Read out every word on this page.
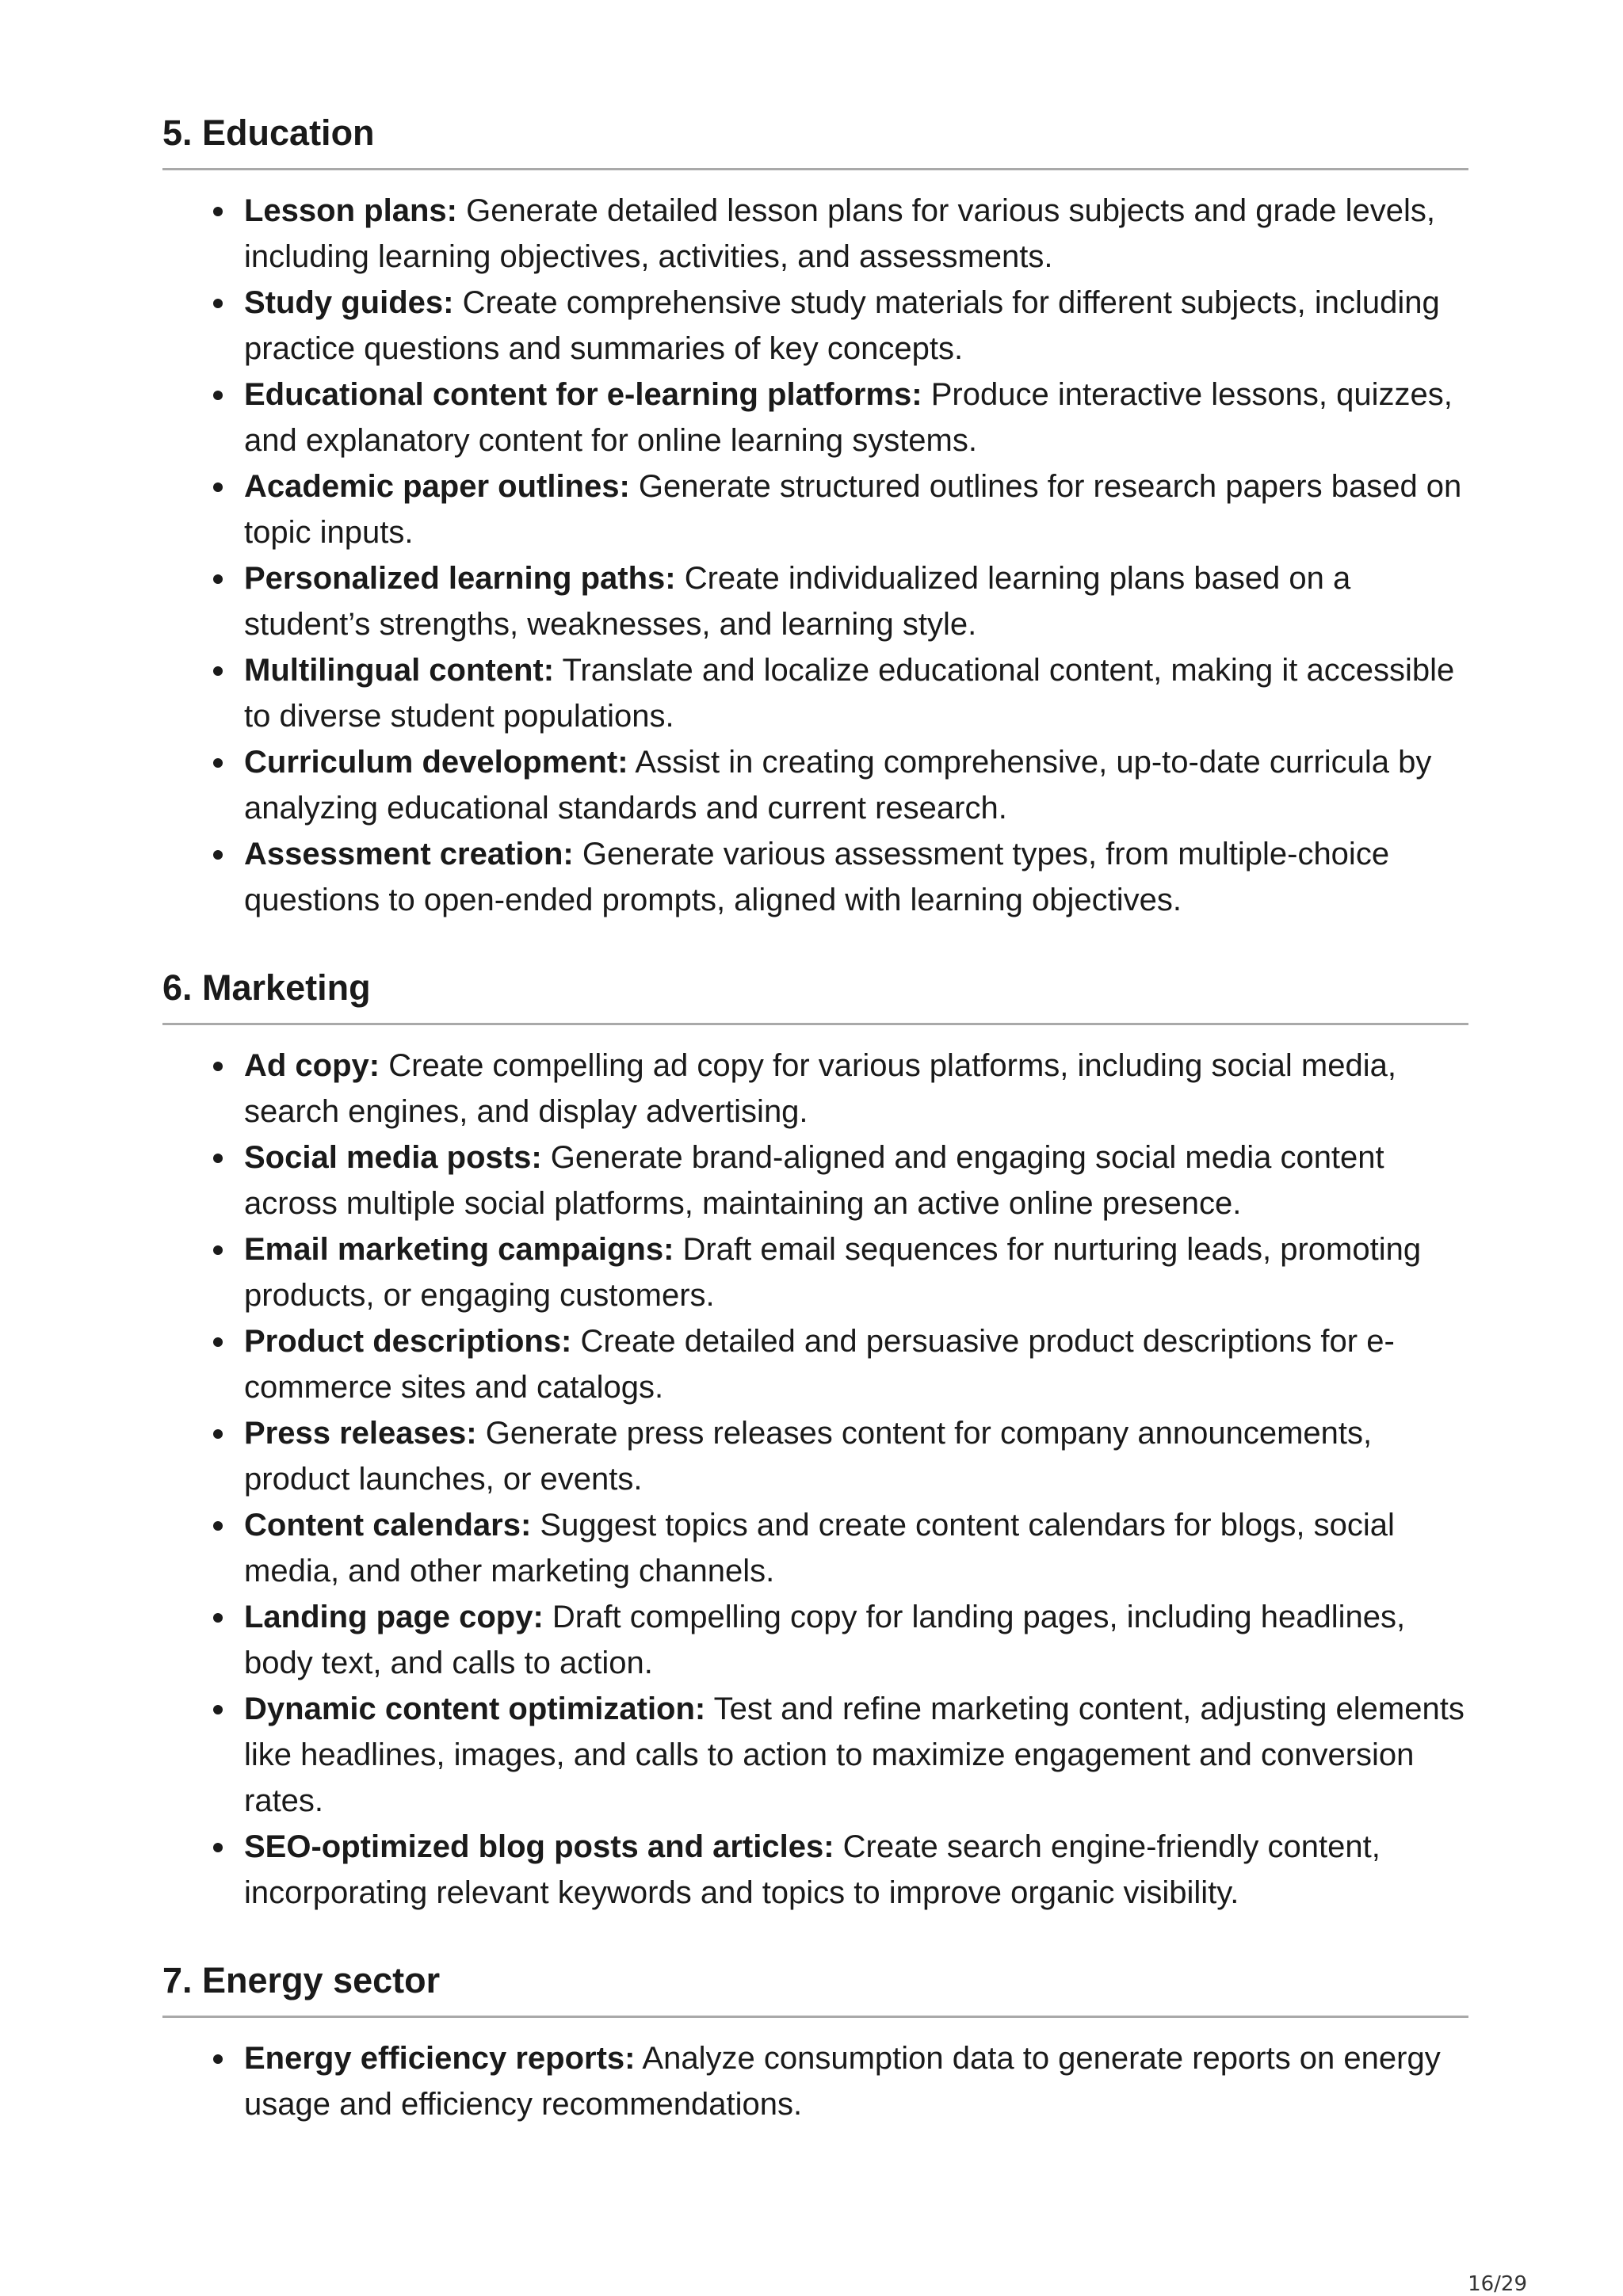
5. Education
Lesson plans: Generate detailed lesson plans for various subjects and grade levels, including learning objectives, activities, and assessments.
Study guides: Create comprehensive study materials for different subjects, including practice questions and summaries of key concepts.
Educational content for e-learning platforms: Produce interactive lessons, quizzes, and explanatory content for online learning systems.
Academic paper outlines: Generate structured outlines for research papers based on topic inputs.
Personalized learning paths: Create individualized learning plans based on a student’s strengths, weaknesses, and learning style.
Multilingual content: Translate and localize educational content, making it accessible to diverse student populations.
Curriculum development: Assist in creating comprehensive, up-to-date curricula by analyzing educational standards and current research.
Assessment creation: Generate various assessment types, from multiple-choice questions to open-ended prompts, aligned with learning objectives.
6. Marketing
Ad copy: Create compelling ad copy for various platforms, including social media, search engines, and display advertising.
Social media posts: Generate brand-aligned and engaging social media content across multiple social platforms, maintaining an active online presence.
Email marketing campaigns: Draft email sequences for nurturing leads, promoting products, or engaging customers.
Product descriptions: Create detailed and persuasive product descriptions for e-commerce sites and catalogs.
Press releases: Generate press releases content for company announcements, product launches, or events.
Content calendars: Suggest topics and create content calendars for blogs, social media, and other marketing channels.
Landing page copy: Draft compelling copy for landing pages, including headlines, body text, and calls to action.
Dynamic content optimization: Test and refine marketing content, adjusting elements like headlines, images, and calls to action to maximize engagement and conversion rates.
SEO-optimized blog posts and articles: Create search engine-friendly content, incorporating relevant keywords and topics to improve organic visibility.
7. Energy sector
Energy efficiency reports: Analyze consumption data to generate reports on energy usage and efficiency recommendations.
16/29
